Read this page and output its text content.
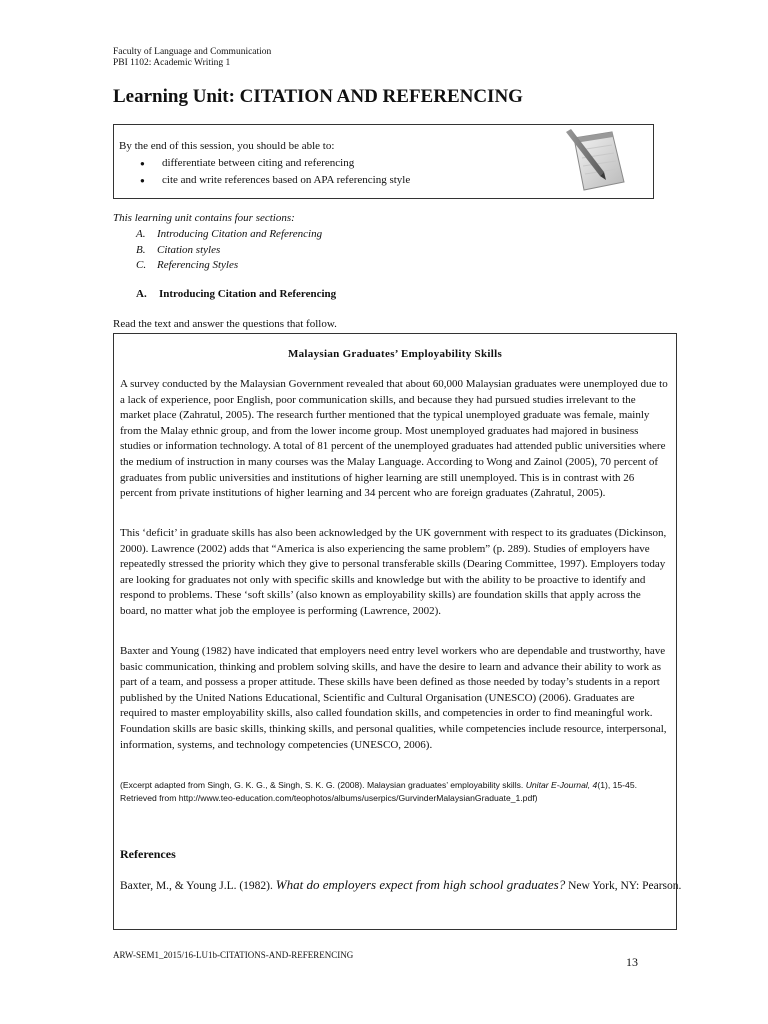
Faculty of Language and Communication
PBI 1102: Academic Writing 1
Learning Unit: CITATION AND REFERENCING
By the end of this session, you should be able to:
● differentiate between citing and referencing
● cite and write references based on APA referencing style
This learning unit contains four sections:
A. Introducing Citation and Referencing
B. Citation styles
C. Referencing Styles
A. Introducing Citation and Referencing
Read the text and answer the questions that follow.
Malaysian Graduates’ Employability Skills

A survey conducted by the Malaysian Government revealed that about 60,000 Malaysian graduates were unemployed due to a lack of experience, poor English, poor communication skills, and because they had pursued studies irrelevant to the market place (Zahratul, 2005). The research further mentioned that the typical unemployed graduate was female, mainly from the Malay ethnic group, and from the lower income group. Most unemployed graduates had majored in business studies or information technology. A total of 81 percent of the unemployed graduates had attended public universities where the medium of instruction in many courses was the Malay Language. According to Wong and Zainol (2005), 70 percent of graduates from public universities and institutions of higher learning are still unemployed. This is in contrast with 26 percent from private institutions of higher learning and 34 percent who are foreign graduates (Zahratul, 2005).

This ‘deficit’ in graduate skills has also been acknowledged by the UK government with respect to its graduates (Dickinson, 2000). Lawrence (2002) adds that “America is also experiencing the same problem” (p. 289). Studies of employers have repeatedly stressed the priority which they give to personal transferable skills (Dearing Committee, 1997). Employers today are looking for graduates not only with specific skills and knowledge but with the ability to be proactive to identify and respond to problems. These ‘soft skills’ (also known as employability skills) are foundation skills that apply across the board, no matter what job the employee is performing (Lawrence, 2002).

Baxter and Young (1982) have indicated that employers need entry level workers who are dependable and trustworthy, have basic communication, thinking and problem solving skills, and have the desire to learn and advance their ability to work as part of a team, and possess a proper attitude. These skills have been defined as those needed by today’s students in a report published by the United Nations Educational, Scientific and Cultural Organisation (UNESCO) (2006). Graduates are required to master employability skills, also called foundation skills, and competencies in order to find meaningful work. Foundation skills are basic skills, thinking skills, and personal qualities, while competencies include resource, interpersonal, information, systems, and technology competencies (UNESCO, 2006).

(Excerpt adapted from Singh, G. K. G., & Singh, S. K. G. (2008). Malaysian graduates’ employability skills. Unitar E-Journal, 4(1), 15-45. Retrieved from http://www.teo-education.com/teophotos/albums/userpics/GurvinderMalaysianGraduate_1.pdf)
References
Baxter, M., & Young J.L. (1982). What do employers expect from high school graduates? New York, NY: Pearson.
ARW-SEM1_2015/16-LU1b-CITATIONS-AND-REFERENCING	13
